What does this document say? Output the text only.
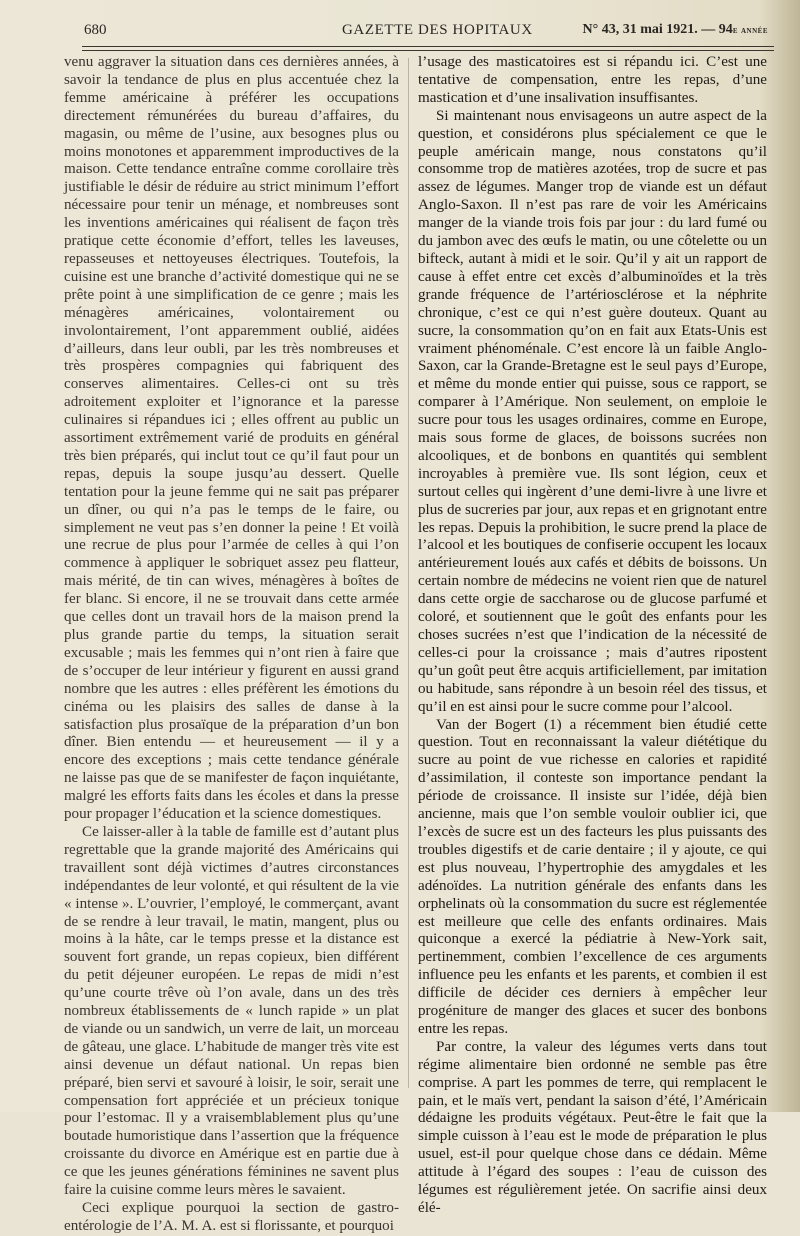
680	GAZETTE DES HOPITAUX	N° 43, 31 mai 1921. — 94e année

venu aggraver la situation dans ces dernières années, à savoir la tendance de plus en plus accentuée chez la femme américaine à préférer les occupations directement rémunérées du bureau d’affaires, du magasin, ou même de l’usine, aux besognes plus ou moins monotones et apparemment improductives de la maison. Cette tendance entraîne comme corollaire très justifiable le désir de réduire au strict minimum l’effort nécessaire pour tenir un ménage, et nombreuses sont les inventions américaines qui réalisent de façon très pratique cette économie d’effort, telles les laveuses, repasseuses et nettoyeuses électriques. Toutefois, la cuisine est une branche d’activité domestique qui ne se prête point à une simplification de ce genre ; mais les ménagères américaines, volontairement ou involontairement, l’ont apparemment oublié, aidées d’ailleurs, dans leur oubli, par les très nombreuses et très prospères compagnies qui fabriquent des conserves alimentaires. Celles-ci ont su très adroitement exploiter et l’ignorance et la paresse culinaires si répandues ici ; elles offrent au public un assortiment extrêmement varié de produits en général très bien préparés, qui inclut tout ce qu’il faut pour un repas, depuis la soupe jusqu’au dessert. Quelle tentation pour la jeune femme qui ne sait pas préparer un dîner, ou qui n’a pas le temps de le faire, ou simplement ne veut pas s’en donner la peine ! Et voilà une recrue de plus pour l’armée de celles à qui l’on commence à appliquer le sobriquet assez peu flatteur, mais mérité, de tin can wives, ménagères à boîtes de fer blanc. Si encore, il ne se trouvait dans cette armée que celles dont un travail hors de la maison prend la plus grande partie du temps, la situation serait excusable ; mais les femmes qui n’ont rien à faire que de s’occuper de leur intérieur y figurent en aussi grand nombre que les autres : elles préfèrent les émotions du cinéma ou les plaisirs des salles de danse à la satisfaction plus prosaïque de la préparation d’un bon dîner. Bien entendu — et heureusement — il y a encore des exceptions ; mais cette tendance générale ne laisse pas que de se manifester de façon inquiétante, malgré les efforts faits dans les écoles et dans la presse pour propager l’éducation et la science domestiques.

Ce laisser-aller à la table de famille est d’autant plus regrettable que la grande majorité des Américains qui travaillent sont déjà victimes d’autres circonstances indépendantes de leur volonté, et qui résultent de la vie « intense ». L’ouvrier, l’employé, le commerçant, avant de se rendre à leur travail, le matin, mangent, plus ou moins à la hâte, car le temps presse et la distance est souvent fort grande, un repas copieux, bien différent du petit déjeuner européen. Le repas de midi n’est qu’une courte trêve où l’on avale, dans un des très nombreux établissements de « lunch rapide » un plat de viande ou un sandwich, un verre de lait, un morceau de gâteau, une glace. L’habitude de manger très vite est ainsi devenue un défaut national. Un repas bien préparé, bien servi et savouré à loisir, le soir, serait une compensation fort appréciée et un précieux tonique pour l’estomac. Il y a vraisemblablement plus qu’une boutade humoristique dans l’assertion que la fréquence croissante du divorce en Amérique est en partie due à ce que les jeunes générations féminines ne savent plus faire la cuisine comme leurs mères le savaient.

Ceci explique pourquoi la section de gastro-entérologie de l’A. M. A. est si florissante, et pourquoi

l’usage des masticatoires est si répandu ici. C’est une tentative de compensation, entre les repas, d’une mastication et d’une insalivation insuffisantes.

Si maintenant nous envisageons un autre aspect de la question, et considérons plus spécialement ce que le peuple américain mange, nous constatons qu’il consomme trop de matières azotées, trop de sucre et pas assez de légumes. Manger trop de viande est un défaut Anglo-Saxon. Il n’est pas rare de voir les Américains manger de la viande trois fois par jour : du lard fumé ou du jambon avec des œufs le matin, ou une côtelette ou un bifteck, autant à midi et le soir. Qu’il y ait un rapport de cause à effet entre cet excès d’albuminoïdes et la très grande fréquence de l’artériosclérose et la néphrite chronique, c’est ce qui n’est guère douteux. Quant au sucre, la consommation qu’on en fait aux Etats-Unis est vraiment phénoménale. C’est encore là un faible Anglo-Saxon, car la Grande-Bretagne est le seul pays d’Europe, et même du monde entier qui puisse, sous ce rapport, se comparer à l’Amérique. Non seulement, on emploie le sucre pour tous les usages ordinaires, comme en Europe, mais sous forme de glaces, de boissons sucrées non alcooliques, et de bonbons en quantités qui semblent incroyables à première vue. Ils sont légion, ceux et surtout celles qui ingèrent d’une demi-livre à une livre et plus de sucreries par jour, aux repas et en grignotant entre les repas. Depuis la prohibition, le sucre prend la place de l’alcool et les boutiques de confiserie occupent les locaux antérieurement loués aux cafés et débits de boissons. Un certain nombre de médecins ne voient rien que de naturel dans cette orgie de saccharose ou de glucose parfumé et coloré, et soutiennent que le goût des enfants pour les choses sucrées n’est que l’indication de la nécessité de celles-ci pour la croissance ; mais d’autres ripostent qu’un goût peut être acquis artificiellement, par imitation ou habitude, sans répondre à un besoin réel des tissus, et qu’il en est ainsi pour le sucre comme pour l’alcool.

Van der Bogert (1) a récemment bien étudié cette question. Tout en reconnaissant la valeur diététique du sucre au point de vue richesse en calories et rapidité d’assimilation, il conteste son importance pendant la période de croissance. Il insiste sur l’idée, déjà bien ancienne, mais que l’on semble vouloir oublier ici, que l’excès de sucre est un des facteurs les plus puissants des troubles digestifs et de carie dentaire ; il y ajoute, ce qui est plus nouveau, l’hypertrophie des amygdales et les adénoïdes. La nutrition générale des enfants dans les orphelinats où la consommation du sucre est réglementée est meilleure que celle des enfants ordinaires. Mais quiconque a exercé la pédiatrie à New-York sait, pertinemment, combien l’excellence de ces arguments influence peu les enfants et les parents, et combien il est difficile de décider ces derniers à empêcher leur progéniture de manger des glaces et sucer des bonbons entre les repas.

Par contre, la valeur des légumes verts dans tout régime alimentaire bien ordonné ne semble pas être comprise. A part les pommes de terre, qui remplacent le pain, et le maïs vert, pendant la saison d’été, l’Américain dédaigne les produits végétaux. Peut-être le fait que la simple cuisson à l’eau est le mode de préparation le plus usuel, est-il pour quelque chose dans ce dédain. Même attitude à l’égard des soupes : l’eau de cuisson des légumes est régulièrement jetée. On sacrifie ainsi deux élé-
